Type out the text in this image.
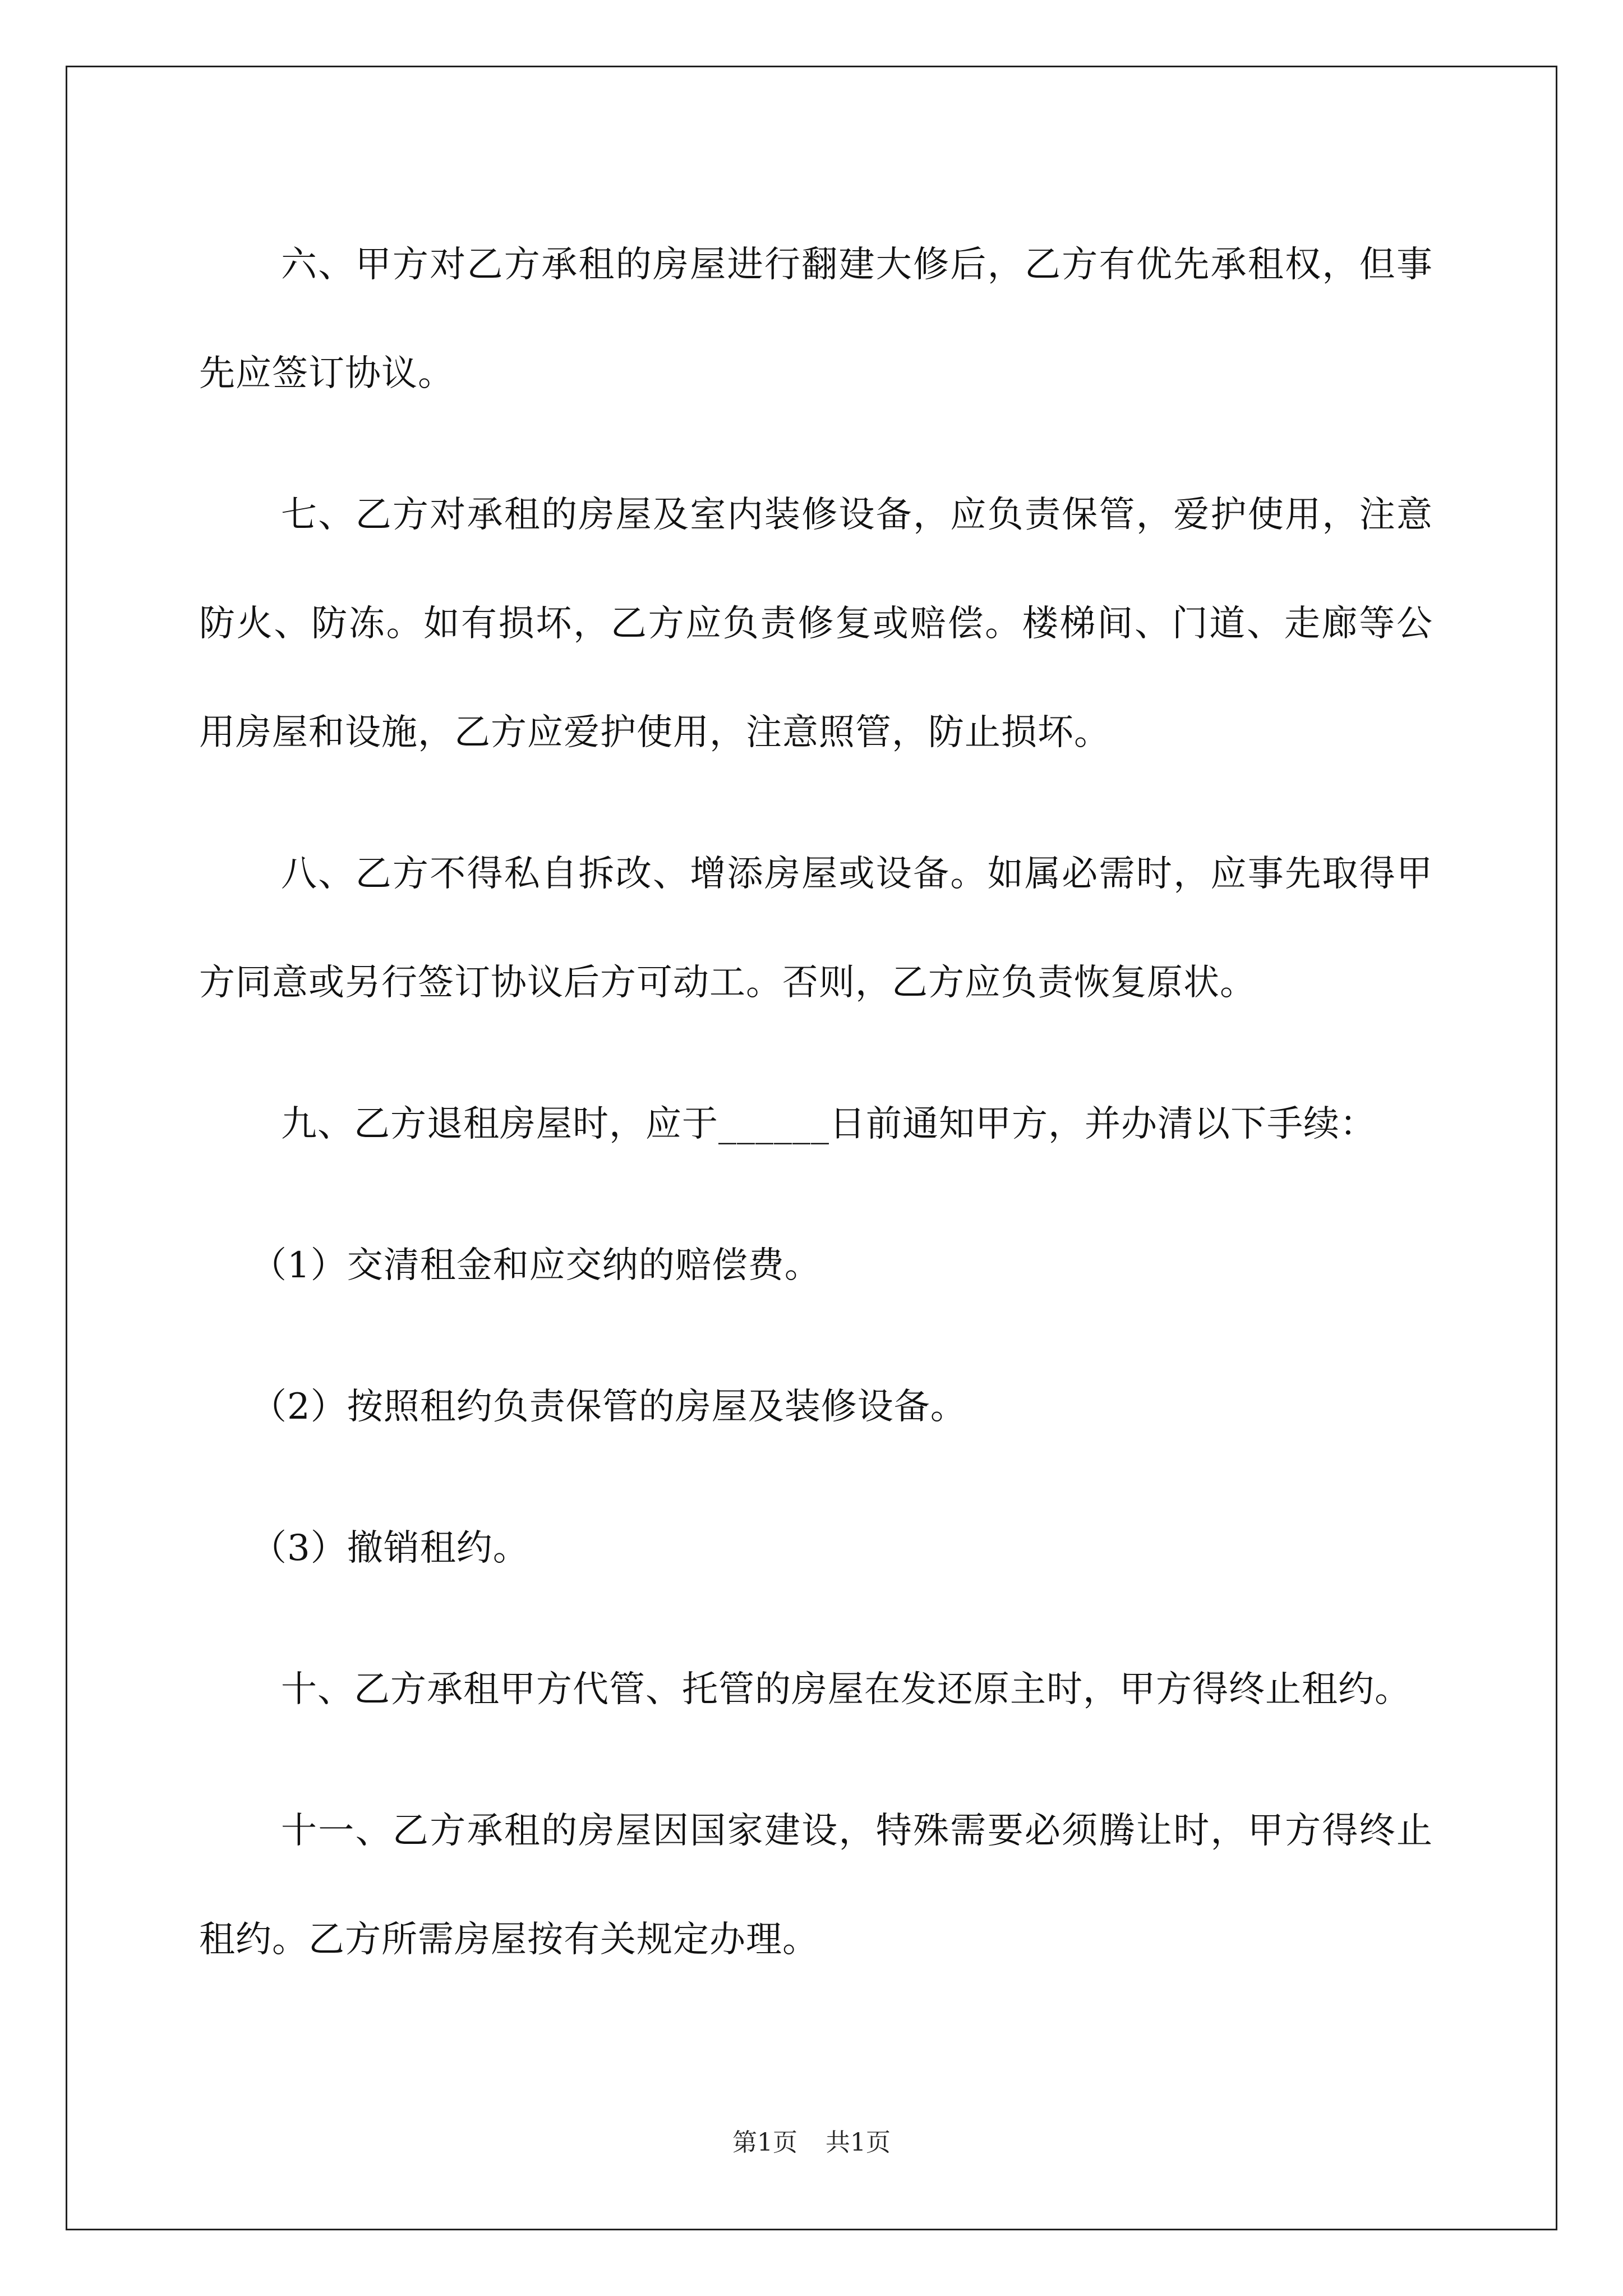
六、甲方对乙方承租的房屋进行翻建大修后，乙方有优先承租权，但事先应签订协议。

七、乙方对承租的房屋及室内装修设备，应负责保管，爱护使用，注意防火、防冻。如有损坏，乙方应负责修复或赔偿。楼梯间、门道、走廊等公用房屋和设施，乙方应爱护使用，注意照管，防止损坏。

八、乙方不得私自拆改、增添房屋或设备。如属必需时，应事先取得甲方同意或另行签订协议后方可动工。否则，乙方应负责恢复原状。

九、乙方退租房屋时，应于______日前通知甲方，并办清以下手续：

（1）交清租金和应交纳的赔偿费。

（2）按照租约负责保管的房屋及装修设备。

（3）撤销租约。

十、乙方承租甲方代管、托管的房屋在发还原主时，甲方得终止租约。

十一、乙方承租的房屋因国家建设，特殊需要必须腾让时，甲方得终止租约。乙方所需房屋按有关规定办理。

第1页 共1页
